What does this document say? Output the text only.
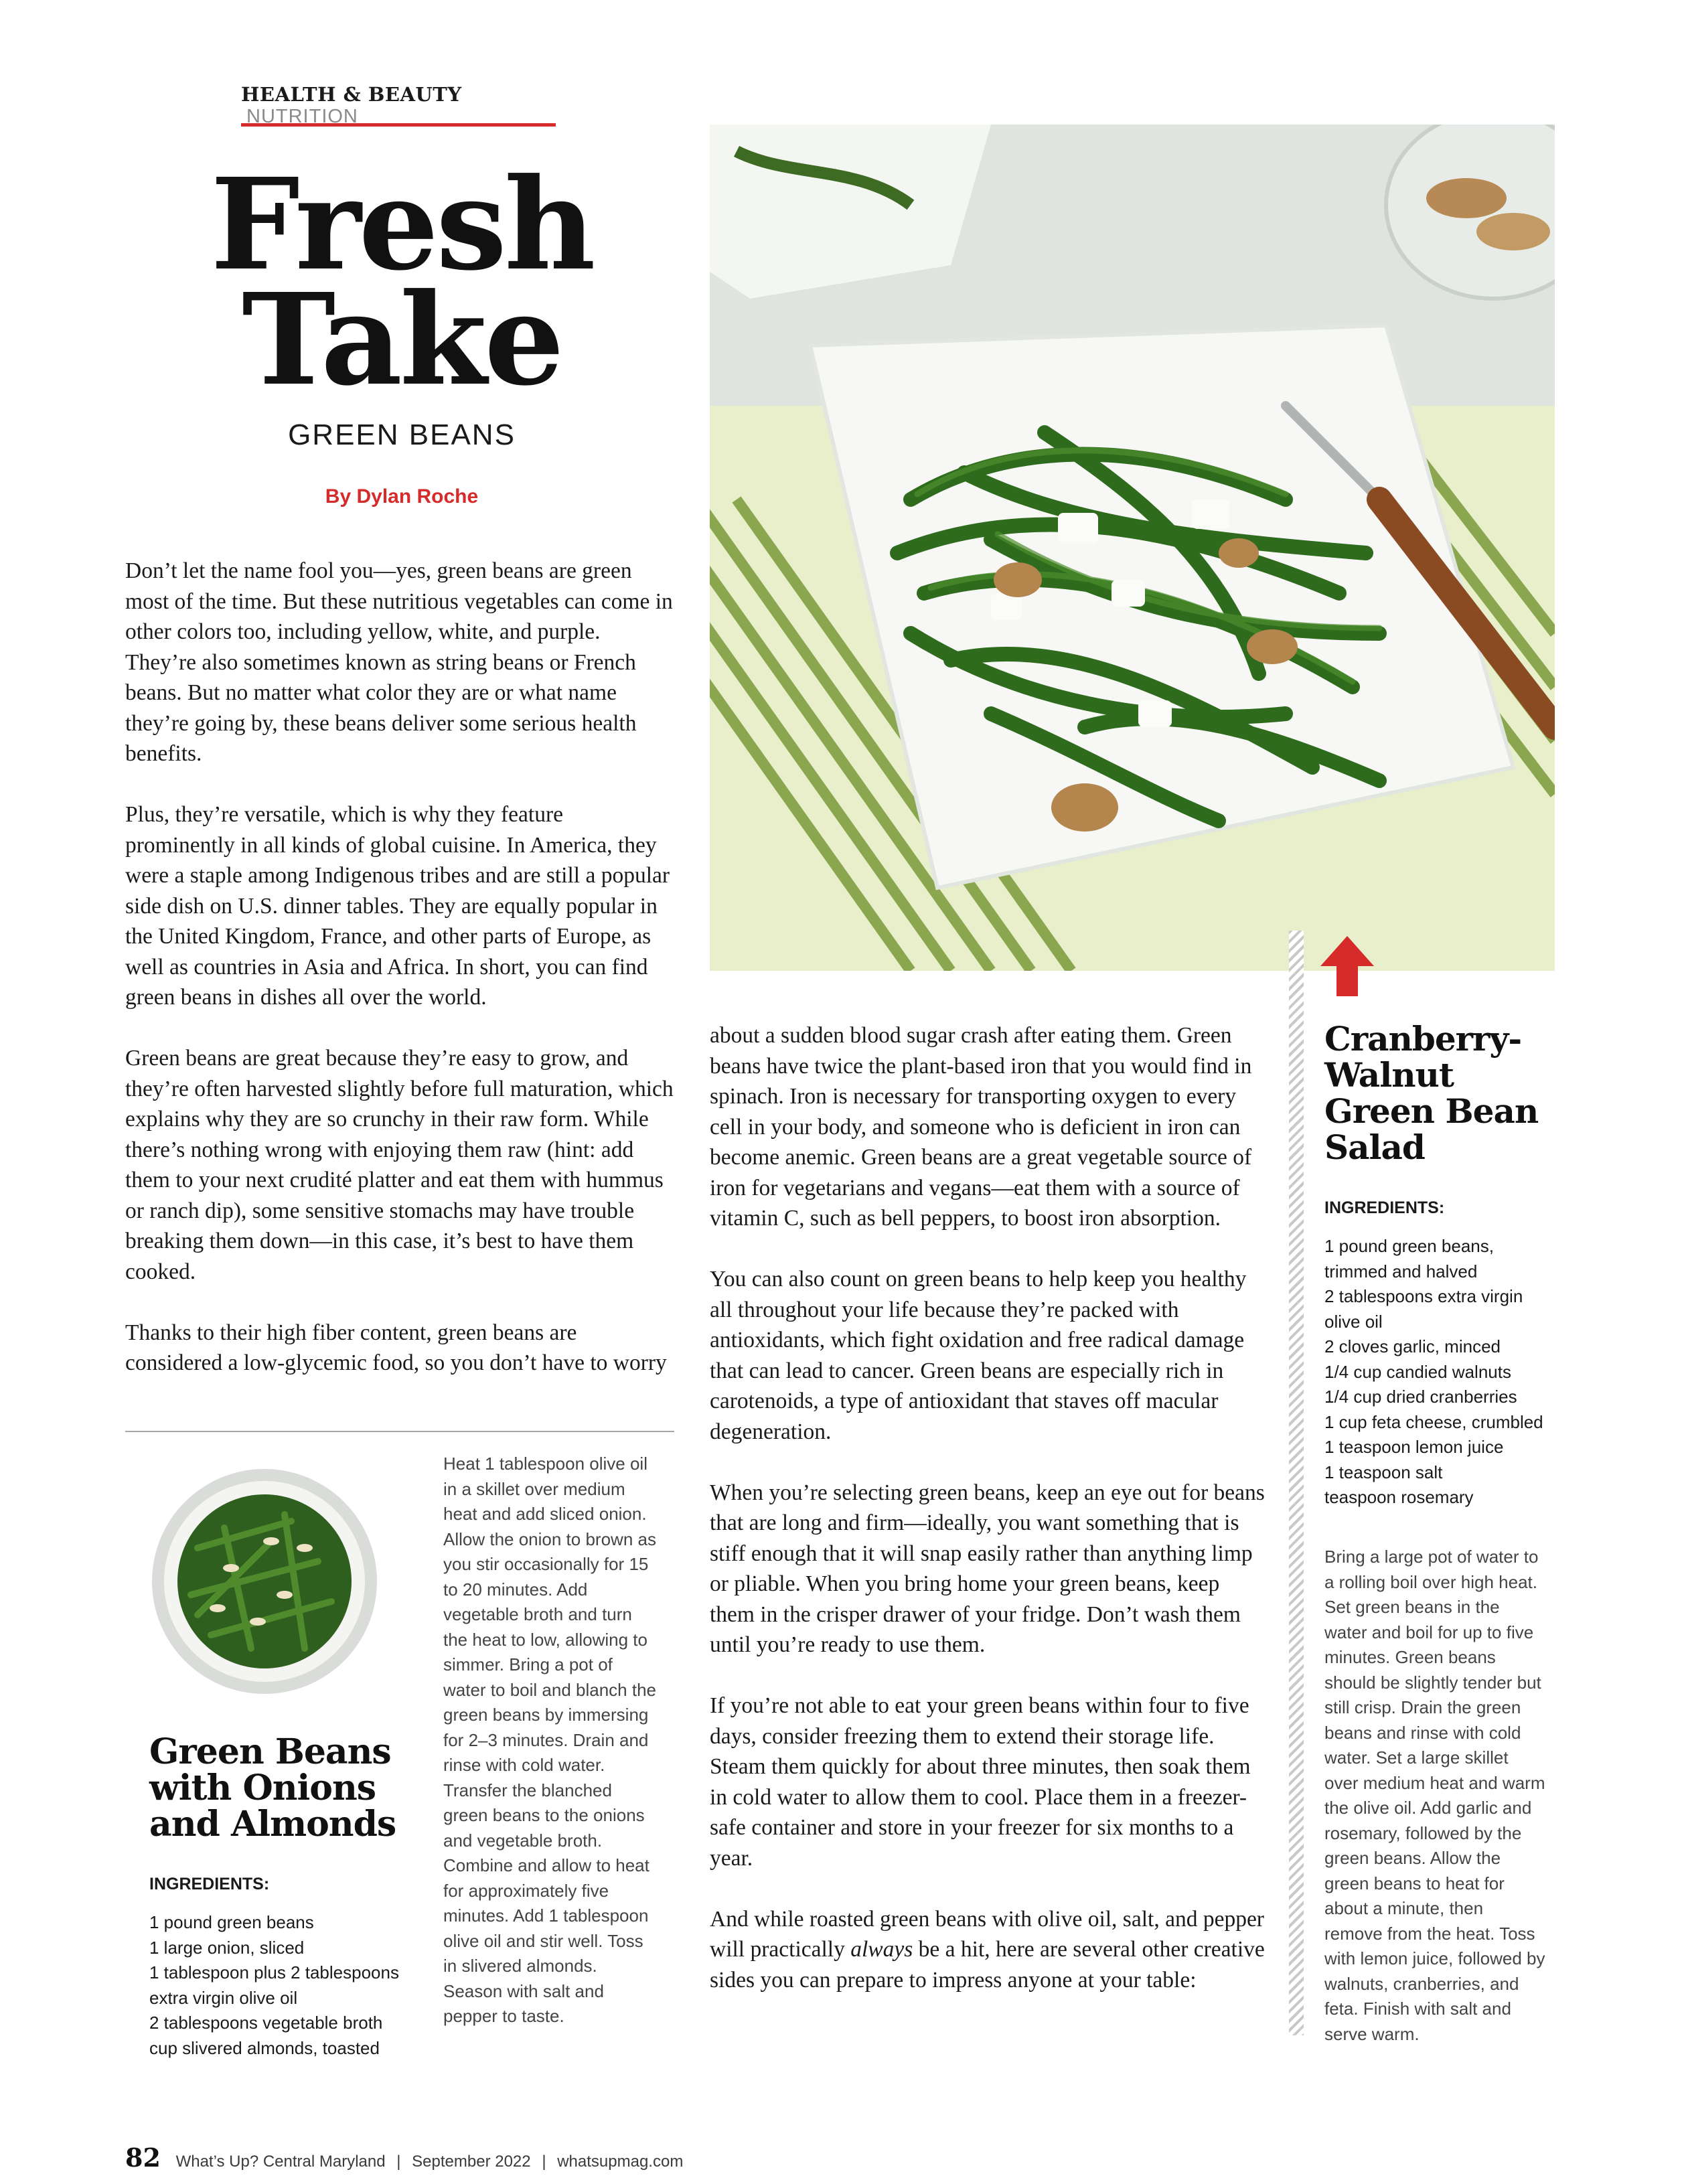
HEALTH & BEAUTY NUTRITION
Fresh
Take
GREEN BEANS
By Dylan Roche

Don’t let the name fool you—yes, green beans are green most of the time. But these nutritious vegetables can come in other colors too, including yellow, white, and purple. They’re also sometimes known as string beans or French beans. But no matter what color they are or what name they’re going by, these beans deliver some serious health benefits.

Plus, they’re versatile, which is why they feature prominently in all kinds of global cuisine. In America, they were a staple among Indigenous tribes and are still a popular side dish on U.S. dinner tables. They are equally popular in the United Kingdom, France, and other parts of Europe, as well as countries in Asia and Africa. In short, you can find green beans in dishes all over the world.

Green beans are great because they’re easy to grow, and they’re often harvested slightly before full maturation, which explains why they are so crunchy in their raw form. While there’s nothing wrong with enjoying them raw (hint: add them to your next crudité platter and eat them with hummus or ranch dip), some sensitive stomachs may have trouble breaking them down—in this case, it’s best to have them cooked.

Thanks to their high fiber content, green beans are considered a low-glycemic food, so you don’t have to worry

about a sudden blood sugar crash after eating them. Green beans have twice the plant-based iron that you would find in spinach. Iron is necessary for transporting oxygen to every cell in your body, and someone who is deficient in iron can become anemic. Green beans are a great vegetable source of iron for vegetarians and vegans—eat them with a source of vitamin C, such as bell peppers, to boost iron absorption.

You can also count on green beans to help keep you healthy all throughout your life because they’re packed with antioxidants, which fight oxidation and free radical damage that can lead to cancer. Green beans are especially rich in carotenoids, a type of antioxidant that staves off macular degeneration.

When you’re selecting green beans, keep an eye out for beans that are long and firm—ideally, you want something that is stiff enough that it will snap easily rather than anything limp or pliable. When you bring home your green beans, keep them in the crisper drawer of your fridge. Don’t wash them until you’re ready to use them.

If you’re not able to eat your green beans within four to five days, consider freezing them to extend their storage life. Steam them quickly for about three minutes, then soak them in cold water to allow them to cool. Place them in a freezer-safe container and store in your freezer for six months to a year.

And while roasted green beans with olive oil, salt, and pepper will practically always be a hit, here are several other creative sides you can prepare to impress anyone at your table:

Cranberry-Walnut Green Bean Salad
INGREDIENTS:
1 pound green beans, trimmed and halved
2 tablespoons extra virgin olive oil
2 cloves garlic, minced
1/4 cup candied walnuts
1/4 cup dried cranberries
1 cup feta cheese, crumbled
1 teaspoon lemon juice
1 teaspoon salt
teaspoon rosemary
Bring a large pot of water to a rolling boil over high heat. Set green beans in the water and boil for up to five minutes. Green beans should be slightly tender but still crisp. Drain the green beans and rinse with cold water. Set a large skillet over medium heat and warm the olive oil. Add garlic and rosemary, followed by the green beans. Allow the green beans to heat for about a minute, then remove from the heat. Toss with lemon juice, followed by walnuts, cranberries, and feta. Finish with salt and serve warm.
Green Beans with Onions and Almonds
INGREDIENTS:
1 pound green beans
1 large onion, sliced
1 tablespoon plus 2 tablespoons extra virgin olive oil
2 tablespoons vegetable broth
cup slivered almonds, toasted
Heat 1 tablespoon olive oil in a skillet over medium heat and add sliced onion. Allow the onion to brown as you stir occasionally for 15 to 20 minutes. Add vegetable broth and turn the heat to low, allowing to simmer. Bring a pot of water to boil and blanch the green beans by immersing for 2–3 minutes. Drain and rinse with cold water. Transfer the blanched green beans to the onions and vegetable broth. Combine and allow to heat for approximately five minutes. Add 1 tablespoon olive oil and stir well. Toss in slivered almonds. Season with salt and pepper to taste.
82 What’s Up? Central Maryland | September 2022 | whatsupmag.com
